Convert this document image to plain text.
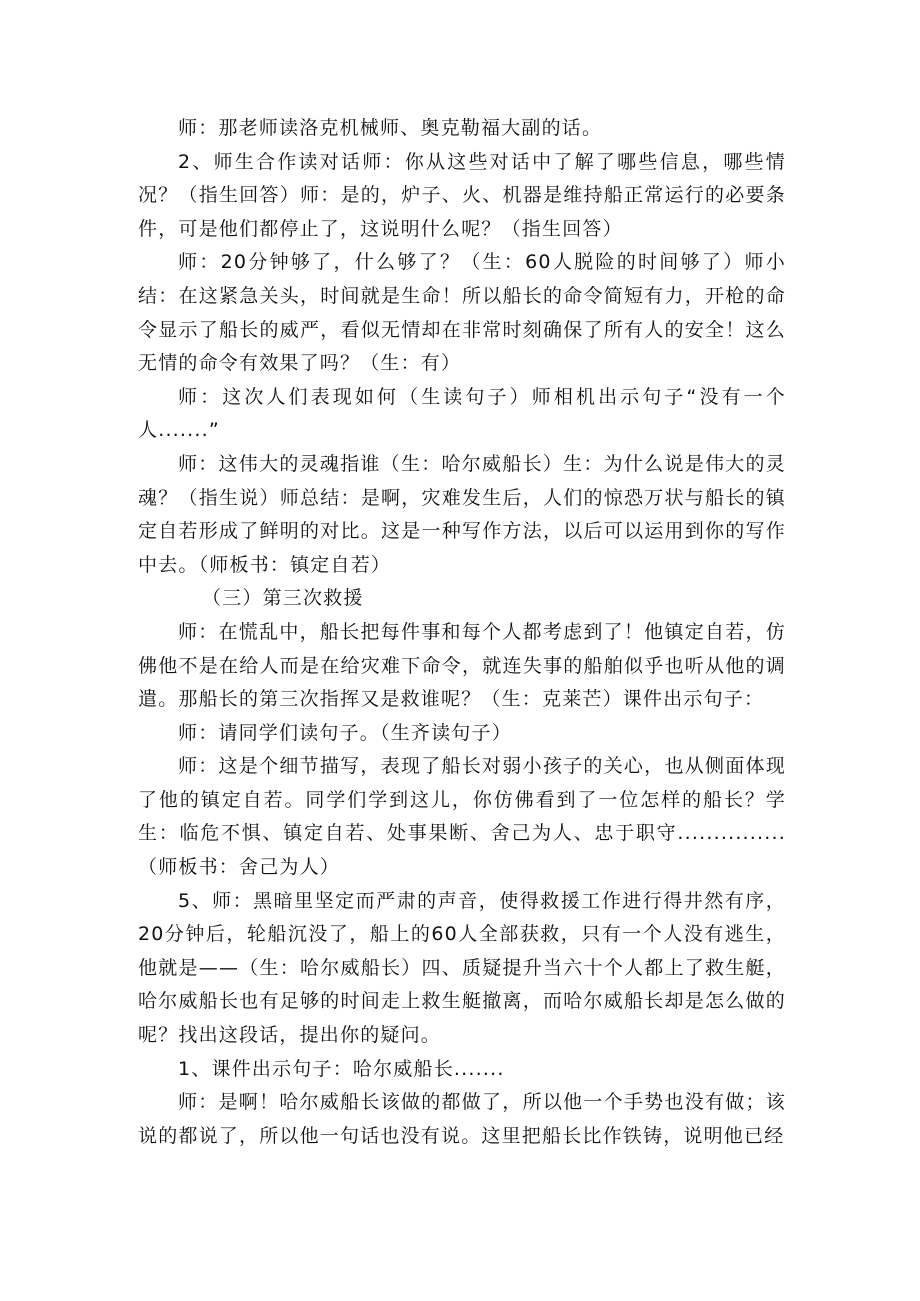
师：那老师读洛克机械师、奥克勒福大副的话。

2、师生合作读对话师：你从这些对话中了解了哪些信息，哪些情况？（指生回答）师：是的，炉子、火、机器是维持船正常运行的必要条件，可是他们都停止了，这说明什么呢？（指生回答）

师：20分钟够了，什么够了？（生：60人脱险的时间够了）师小结：在这紧急关头，时间就是生命！所以船长的命令简短有力，开枪的命令显示了船长的威严，看似无情却在非常时刻确保了所有人的安全！这么无情的命令有效果了吗？（生：有）

师：这次人们表现如何（生读句子）师相机出示句子“没有一个人.......”

师：这伟大的灵魂指谁（生：哈尔威船长）生：为什么说是伟大的灵魂？（指生说）师总结：是啊，灾难发生后，人们的惊恐万状与船长的镇定自若形成了鲜明的对比。这是一种写作方法，以后可以运用到你的写作中去。（师板书：镇定自若）

（三）第三次救援

师：在慌乱中，船长把每件事和每个人都考虑到了！他镇定自若，仿佛他不是在给人而是在给灾难下命令，就连失事的船舶似乎也听从他的调遣。那船长的第三次指挥又是救谁呢？（生：克莱芒）课件出示句子：

师：请同学们读句子。（生齐读句子）

师：这是个细节描写，表现了船长对弱小孩子的关心，也从侧面体现了他的镇定自若。同学们学到这儿，你仿佛看到了一位怎样的船长？学生：临危不惧、镇定自若、处事果断、舍己为人、忠于职守...............（师板书：舍己为人）

5、师：黑暗里坚定而严肃的声音，使得救援工作进行得井然有序，20分钟后，轮船沉没了，船上的60人全部获救，只有一个人没有逃生，他就是——（生：哈尔威船长）四、质疑提升当六十个人都上了救生艇，哈尔威船长也有足够的时间走上救生艇撤离，而哈尔威船长却是怎么做的呢？找出这段话，提出你的疑问。

1、课件出示句子：哈尔威船长.......

师：是啊！哈尔威船长该做的都做了，所以他一个手势也没有做；该说的都说了，所以他一句话也没有说。这里把船长比作铁铸，说明他已经
